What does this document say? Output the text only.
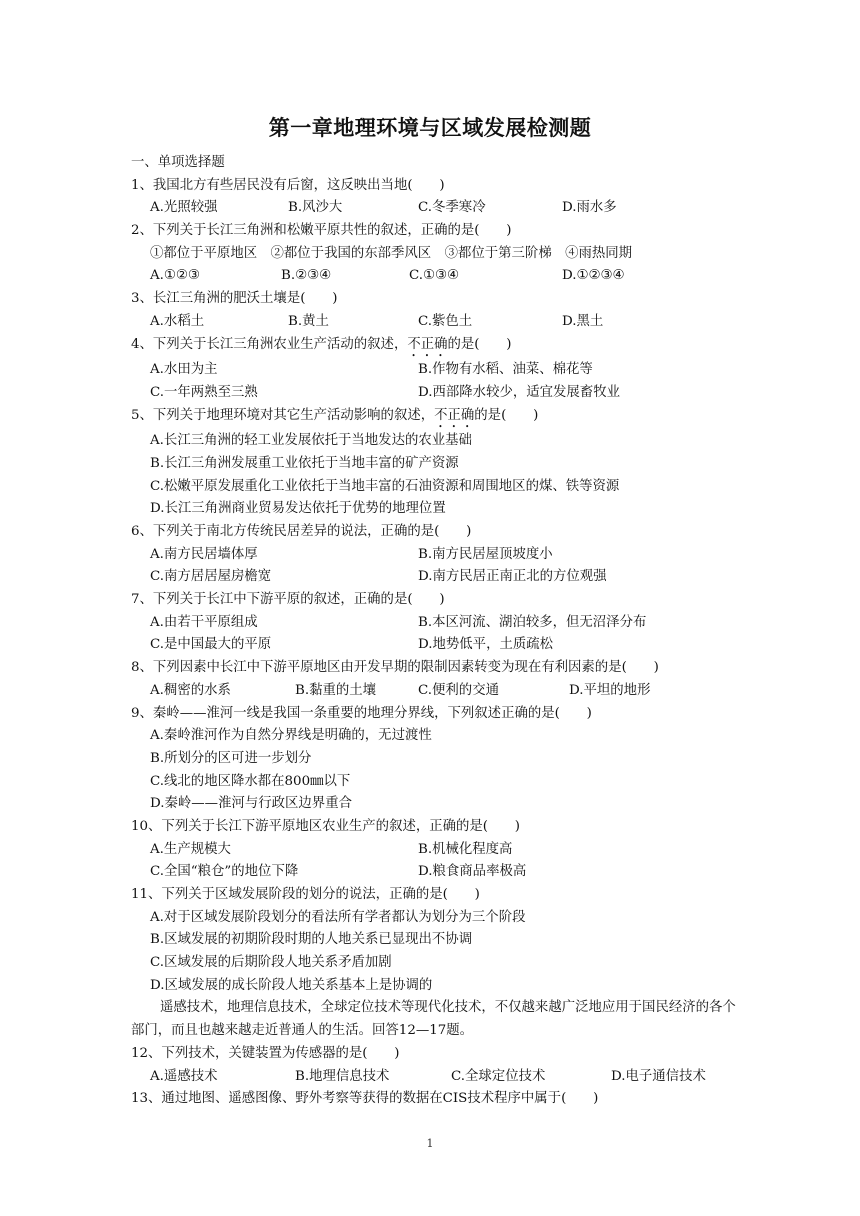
第一章地理环境与区域发展检测题
一、单项选择题
1、我国北方有些居民没有后窗，这反映出当地(　　)
A.光照较强	B.风沙大	C.冬季寒冷	D.雨水多
2、下列关于长江三角洲和松嫩平原共性的叙述，正确的是(　　)
①都位于平原地区　②都位于我国的东部季风区　③都位于第三阶梯　④雨热同期
A.①②③	B.②③④	C.①③④	D.①②③④
3、长江三角洲的肥沃土壤是(　　)
A.水稻土	B.黄土	C.紫色土	D.黑土
4、下列关于长江三角洲农业生产活动的叙述，不正确的是(　　)
A.水田为主	B.作物有水稻、油菜、棉花等
C.一年两熟至三熟	D.西部降水较少，适宜发展畜牧业
5、下列关于地理环境对其它生产活动影响的叙述，不正确的是(　　)
A.长江三角洲的轻工业发展依托于当地发达的农业基础
B.长江三角洲发展重工业依托于当地丰富的矿产资源
C.松嫩平原发展重化工业依托于当地丰富的石油资源和周围地区的煤、铁等资源
D.长江三角洲商业贸易发达依托于优势的地理位置
6、下列关于南北方传统民居差异的说法，正确的是(　　)
A.南方民居墙体厚	B.南方民居屋顶坡度小
C.南方居居屋房檐宽	D.南方民居正南正北的方位观强
7、下列关于长江中下游平原的叙述，正确的是(　　)
A.由若干平原组成	B.本区河流、湖泊较多，但无沼泽分布
C.是中国最大的平原	D.地势低平，土质疏松
8、下列因素中长江中下游平原地区由开发早期的限制因素转变为现在有利因素的是(　　)
A.稠密的水系	B.黏重的土壤	C.便利的交通	D.平坦的地形
9、秦岭——淮河一线是我国一条重要的地理分界线，下列叙述正确的是(　　)
A.秦岭淮河作为自然分界线是明确的，无过渡性
B.所划分的区可进一步划分
C.线北的地区降水都在800㎜以下
D.秦岭——淮河与行政区边界重合
10、下列关于长江下游平原地区农业生产的叙述，正确的是(　　)
A.生产规模大	B.机械化程度高
C.全国“粮仓”的地位下降	D.粮食商品率极高
11、下列关于区域发展阶段的划分的说法，正确的是(　　)
A.对于区域发展阶段划分的看法所有学者都认为划分为三个阶段
B.区域发展的初期阶段时期的人地关系已显现出不协调
C.区域发展的后期阶段人地关系矛盾加剧
D.区域发展的成长阶段人地关系基本上是协调的
遥感技术，地理信息技术，全球定位技术等现代化技术，不仅越来越广泛地应用于国民经济的各个部门，而且也越来越走近普通人的生活。回答12—17题。
12、下列技术，关键装置为传感器的是(　　)
A.遥感技术	B.地理信息技术	C.全球定位技术	D.电子通信技术
13、通过地图、遥感图像、野外考察等获得的数据在CIS技术程序中属于(　　)
1
